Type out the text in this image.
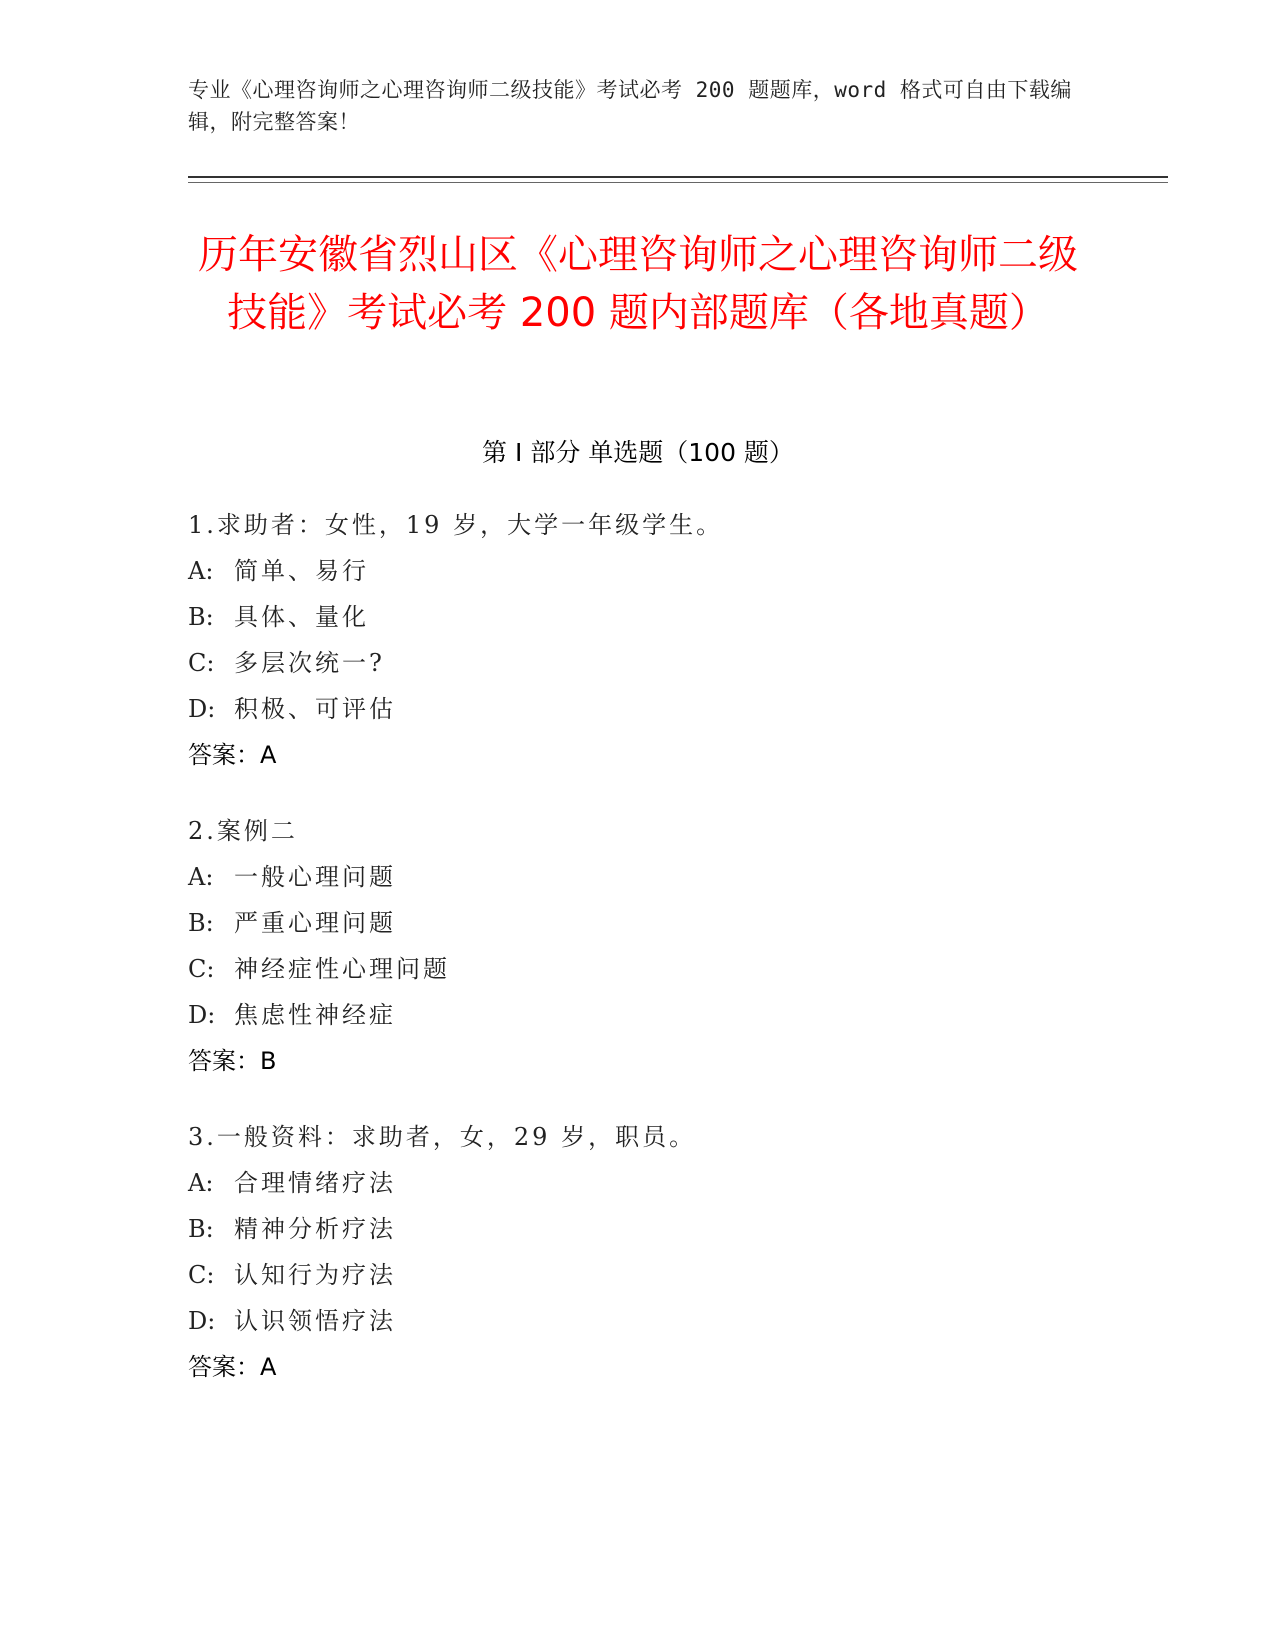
专业《心理咨询师之心理咨询师二级技能》考试必考 200 题题库，word 格式可自由下载编辑，附完整答案！
历年安徽省烈山区《心理咨询师之心理咨询师二级技能》考试必考 200 题内部题库（各地真题）
第 I 部分 单选题（100 题）
1.求助者：女性，19 岁，大学一年级学生。
A: 简单、易行
B: 具体、量化
C: 多层次统一?
D: 积极、可评估
答案：A
2.案例二
A: 一般心理问题
B: 严重心理问题
C: 神经症性心理问题
D: 焦虑性神经症
答案：B
3.一般资料：求助者，女，29 岁，职员。
A: 合理情绪疗法
B: 精神分析疗法
C: 认知行为疗法
D: 认识领悟疗法
答案：A
